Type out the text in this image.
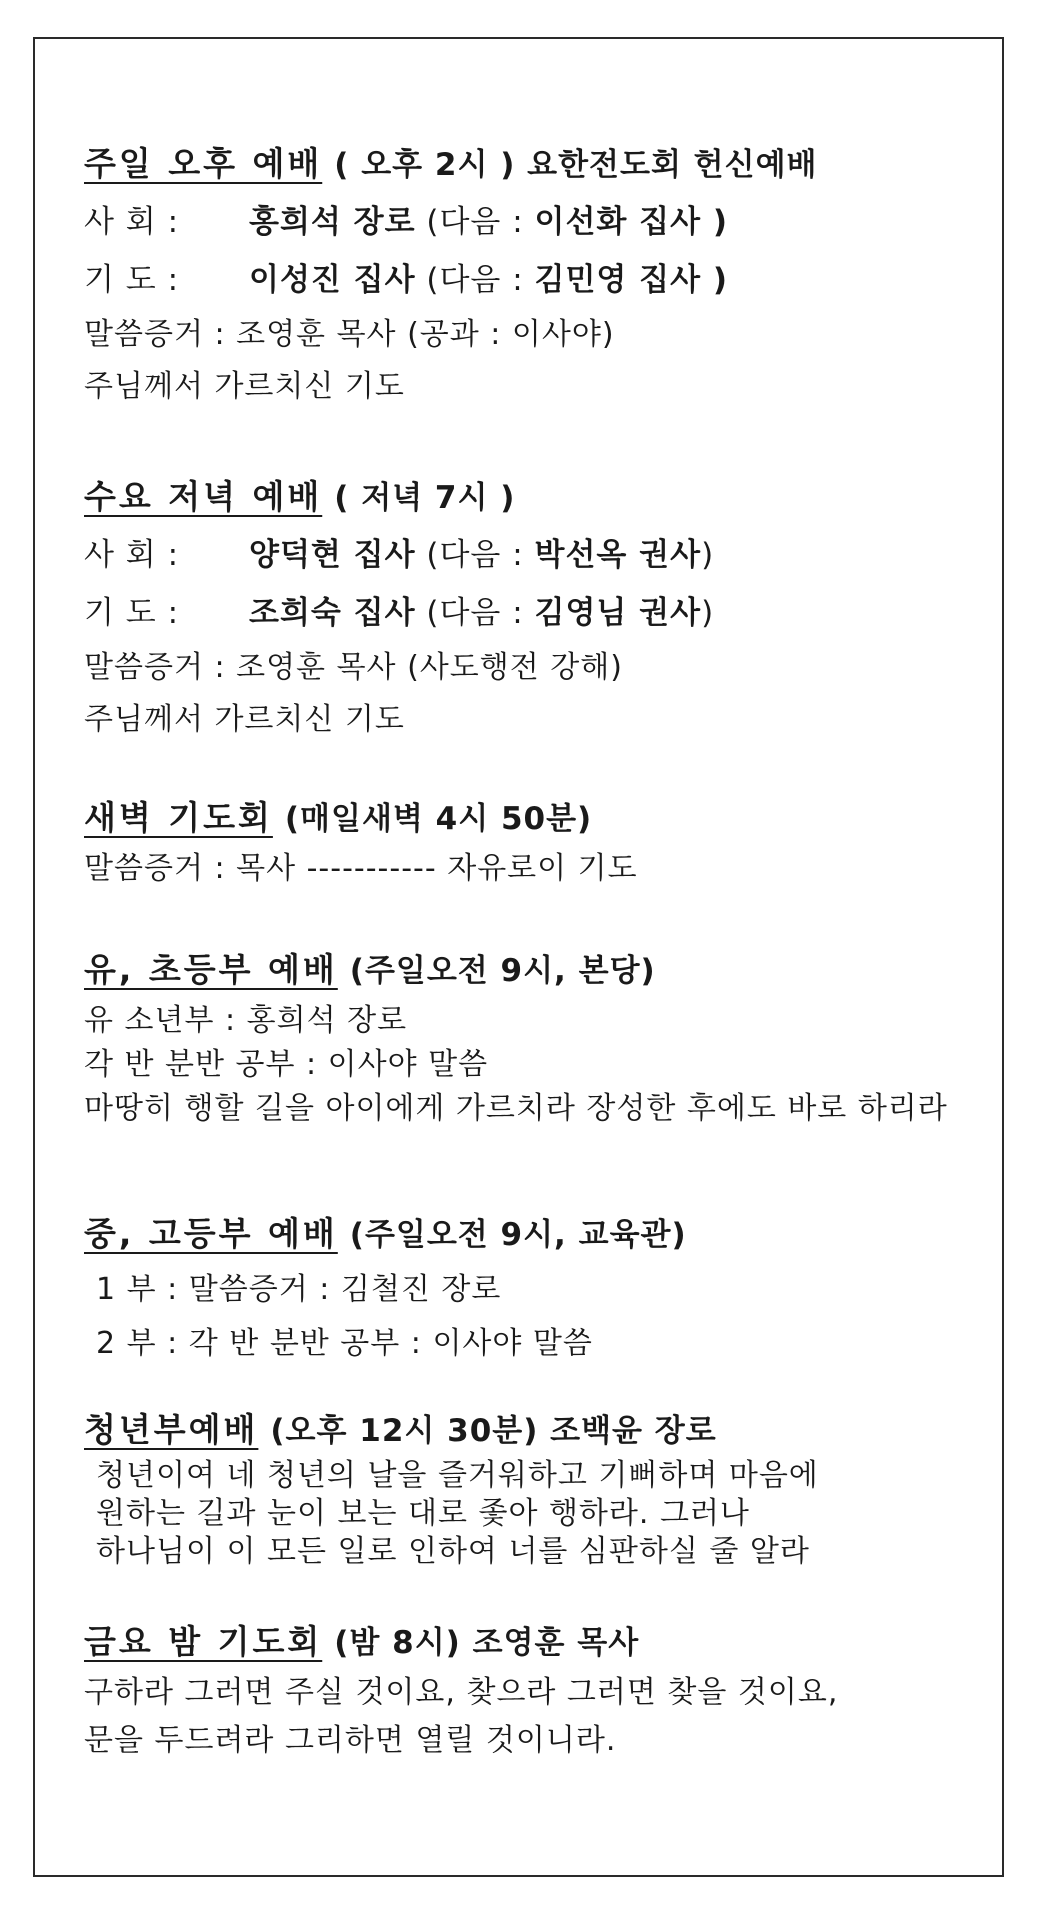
주일 오후 예배 ( 오후 2시 ) 요한전도회 헌신예배
사 회 : 홍희석 장로 (다음 : 이선화 집사 )
기 도 : 이성진 집사 (다음 : 김민영 집사 )
말씀증거 : 조영훈 목사 (공과 : 이사야)
주님께서 가르치신 기도
수요 저녁 예배 ( 저녁 7시 )
사 회 : 양덕현 집사 (다음 : 박선옥 권사)
기 도 : 조희숙 집사 (다음 : 김영님 권사)
말씀증거 : 조영훈 목사 (사도행전 강해)
주님께서 가르치신 기도
새벽 기도회 (매일새벽 4시 50분)
말씀증거 : 목사 ----------- 자유로이 기도
유, 초등부 예배 (주일오전 9시, 본당)
유 소년부 : 홍희석 장로
각 반 분반 공부 : 이사야 말씀
마땅히 행할 길을 아이에게 가르치라 장성한 후에도 바로 하리라
중, 고등부 예배 (주일오전 9시, 교육관)
1 부 : 말씀증거 : 김철진 장로
2 부 : 각 반 분반 공부 : 이사야 말씀
청년부예배 (오후 12시 30분) 조백윤 장로
청년이여 네 청년의 날을 즐거워하고 기뻐하며 마음에
원하는 길과 눈이 보는 대로 좇아 행하라. 그러나
하나님이 이 모든 일로 인하여 너를 심판하실 줄 알라
금요 밤 기도회 (밤 8시) 조영훈 목사
구하라 그러면 주실 것이요, 찾으라 그러면 찾을 것이요,
문을 두드려라 그리하면 열릴 것이니라.
